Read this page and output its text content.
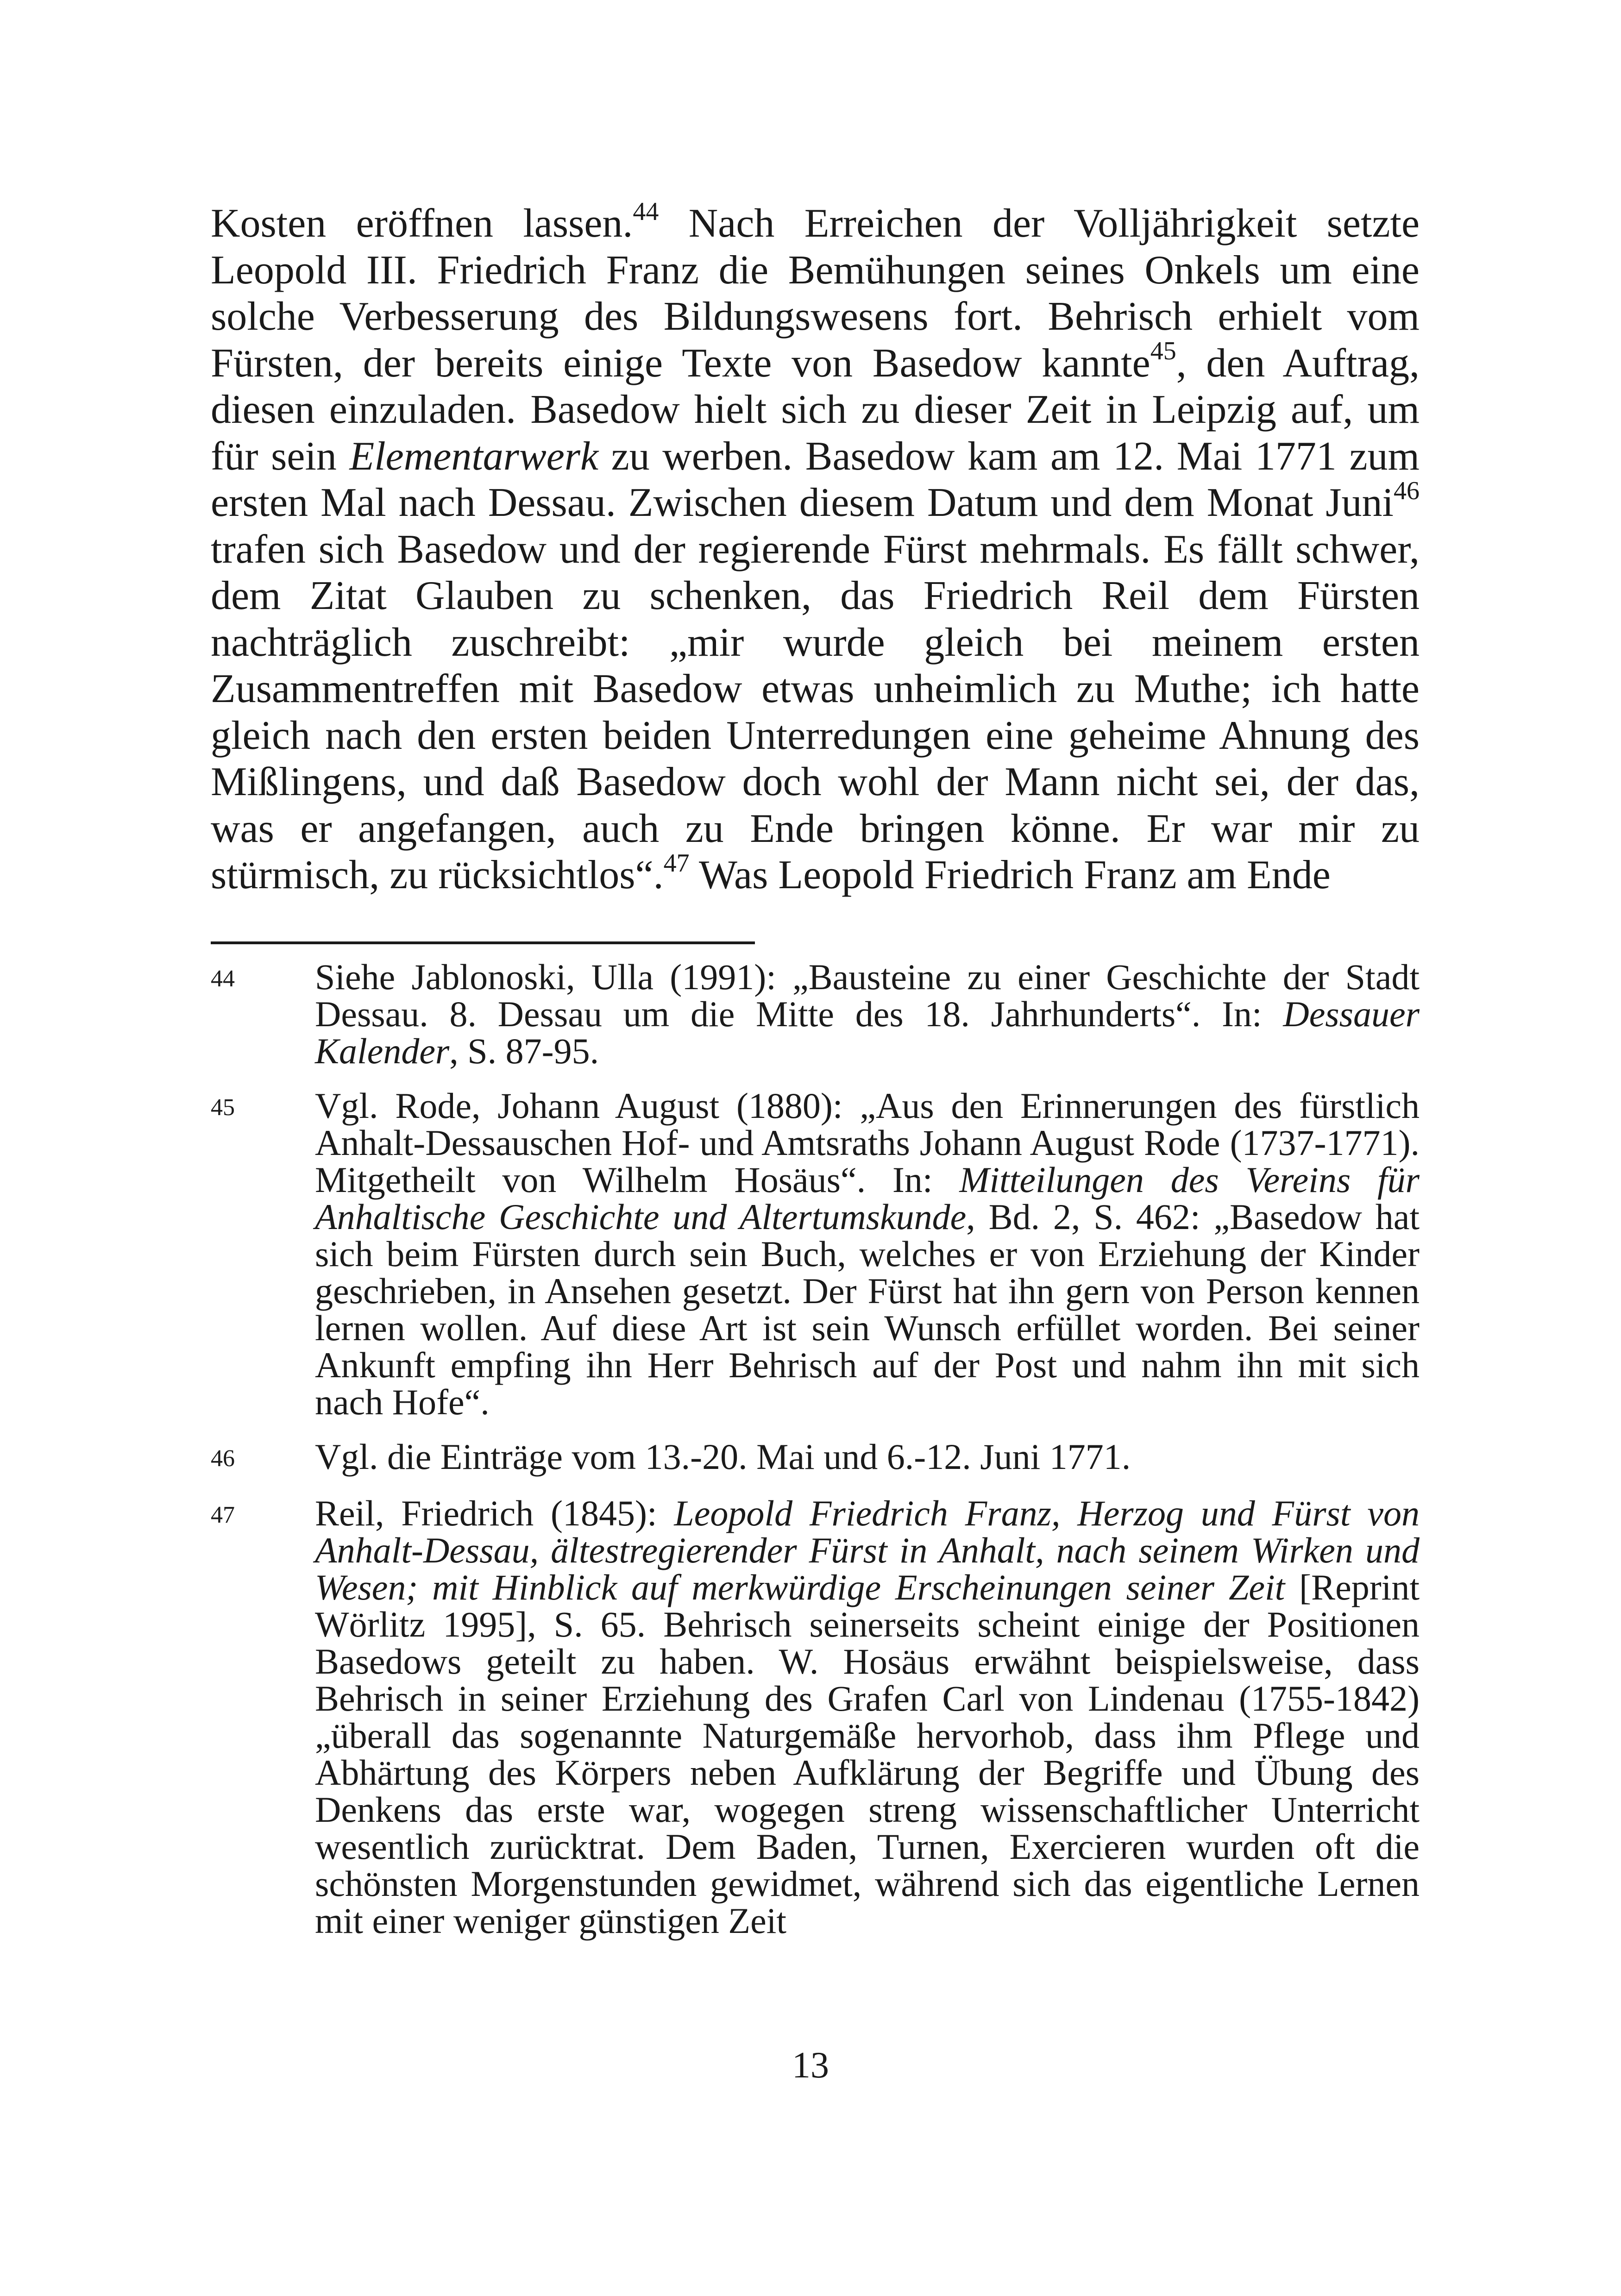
Kosten eröffnen lassen.$^{44}$ Nach Erreichen der Volljährigkeit setzte Leopold III. Friedrich Franz die Bemühungen seines Onkels um eine solche Verbesserung des Bildungswesens fort. Behrisch erhielt vom Fürsten, der bereits einige Texte von Basedow kannte$^{45}$, den Auftrag, diesen einzuladen. Basedow hielt sich zu dieser Zeit in Leipzig auf, um für sein Elementarwerk zu werben. Basedow kam am 12. Mai 1771 zum ersten Mal nach Dessau. Zwischen diesem Datum und dem Monat Juni$^{46}$ trafen sich Basedow und der regierende Fürst mehrmals. Es fällt schwer, dem Zitat Glauben zu schenken, das Friedrich Reil dem Fürsten nachträglich zuschreibt: „mir wurde gleich bei meinem ersten Zusammentreffen mit Basedow etwas unheimlich zu Muthe; ich hatte gleich nach den ersten beiden Unterredungen eine geheime Ahnung des Mißlingens, und daß Basedow doch wohl der Mann nicht sei, der das, was er angefangen, auch zu Ende bringen könne. Er war mir zu stürmisch, zu rücksichtlos“.$^{47}$ Was Leopold Friedrich Franz am Ende

44	Siehe Jablonoski, Ulla (1991): „Bausteine zu einer Geschichte der Stadt Dessau. 8. Dessau um die Mitte des 18. Jahrhunderts“. In: Dessauer Kalender, S. 87-95.
45	Vgl. Rode, Johann August (1880): „Aus den Erinnerungen des fürstlich Anhalt-Dessauschen Hof- und Amtsraths Johann August Rode (1737-1771). Mitgetheilt von Wilhelm Hosäus“. In: Mitteilungen des Vereins für Anhaltische Geschichte und Altertumskunde, Bd. 2, S. 462: „Basedow hat sich beim Fürsten durch sein Buch, welches er von Erziehung der Kinder geschrieben, in Ansehen gesetzt. Der Fürst hat ihn gern von Person kennen lernen wollen. Auf diese Art ist sein Wunsch erfüllet worden. Bei seiner Ankunft empfing ihn Herr Behrisch auf der Post und nahm ihn mit sich nach Hofe“.
46	Vgl. die Einträge vom 13.-20. Mai und 6.-12. Juni 1771.
47	Reil, Friedrich (1845): Leopold Friedrich Franz, Herzog und Fürst von Anhalt-Dessau, ältestregierender Fürst in Anhalt, nach seinem Wirken und Wesen; mit Hinblick auf merkwürdige Erscheinungen seiner Zeit [Reprint Wörlitz 1995], S. 65. Behrisch seinerseits scheint einige der Positionen Basedows geteilt zu haben. W. Hosäus erwähnt beispielsweise, dass Behrisch in seiner Erziehung des Grafen Carl von Lindenau (1755-1842) „überall das sogenannte Naturgemäße hervorhob, dass ihm Pflege und Abhärtung des Körpers neben Aufklärung der Begriffe und Übung des Denkens das erste war, wogegen streng wissenschaftlicher Unterricht wesentlich zurücktrat. Dem Baden, Turnen, Exercieren wurden oft die schönsten Morgenstunden gewidmet, während sich das eigentliche Lernen mit einer weniger günstigen Zeit
13
